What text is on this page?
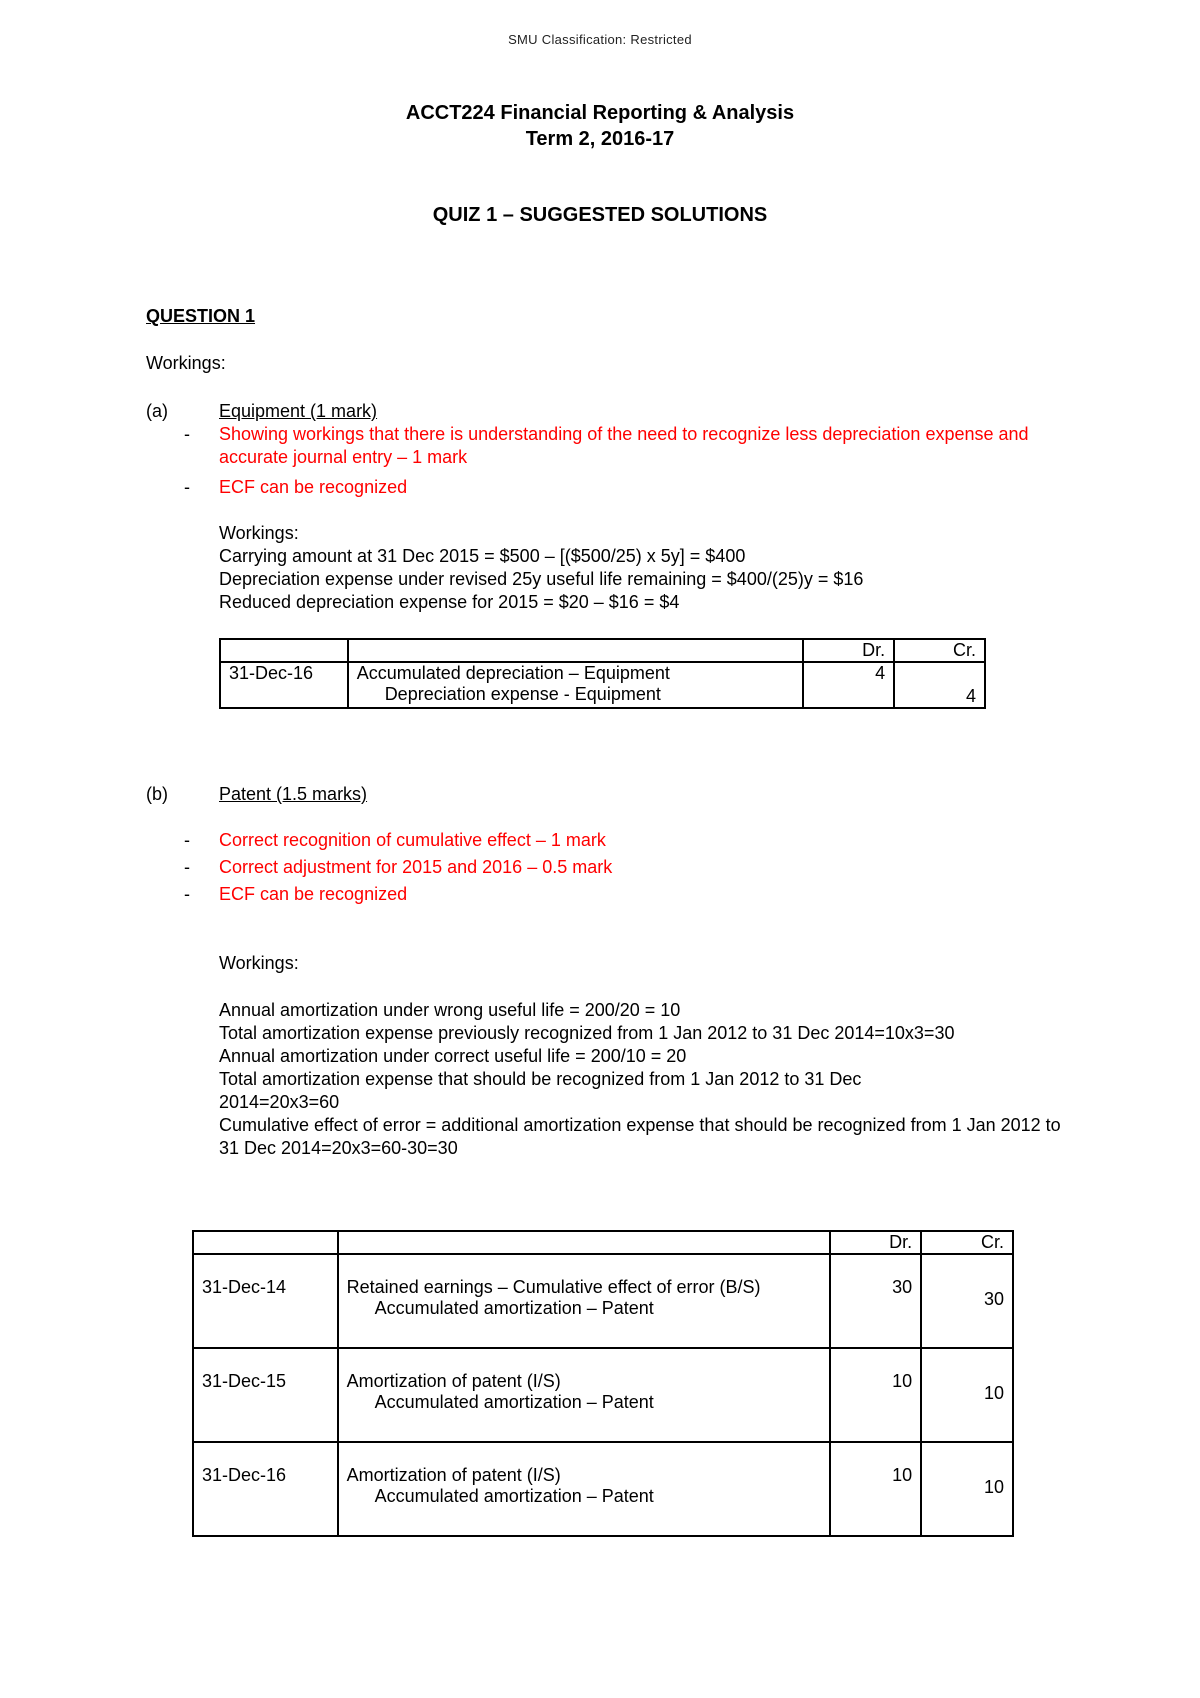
SMU Classification: Restricted
ACCT224 Financial Reporting & Analysis
Term 2, 2016-17
QUIZ 1 – SUGGESTED SOLUTIONS
QUESTION 1
Workings:
(a)	Equipment (1 mark)
- Showing workings that there is understanding of the need to recognize less depreciation expense and accurate journal entry – 1 mark
- ECF can be recognized
Workings:
Carrying amount at 31 Dec 2015 = $500 – [($500/25) x 5y] = $400
Depreciation expense under revised 25y useful life remaining = $400/(25)y = $16
Reduced depreciation expense for 2015 = $20 – $16 = $4
		Dr.	Cr.
31-Dec-16	Accumulated depreciation – Equipment
Depreciation expense - Equipment	4	4
(b)	Patent (1.5 marks)
- Correct recognition of cumulative effect – 1 mark
- Correct adjustment for 2015 and 2016 – 0.5 mark
- ECF can be recognized
Workings:
Annual amortization under wrong useful life = 200/20 = 10
Total amortization expense previously recognized from 1 Jan 2012 to 31 Dec 2014=10x3=30
Annual amortization under correct useful life = 200/10 = 20
Total amortization expense that should be recognized from 1 Jan 2012 to 31 Dec 2014=20x3=60
Cumulative effect of error = additional amortization expense that should be recognized from 1 Jan 2012 to 31 Dec 2014=20x3=60-30=30
		Dr.	Cr.
31-Dec-14	Retained earnings – Cumulative effect of error (B/S)
Accumulated amortization – Patent	30	30
31-Dec-15	Amortization of patent (I/S)
Accumulated amortization – Patent	10	10
31-Dec-16	Amortization of patent (I/S)
Accumulated amortization – Patent	10	10
